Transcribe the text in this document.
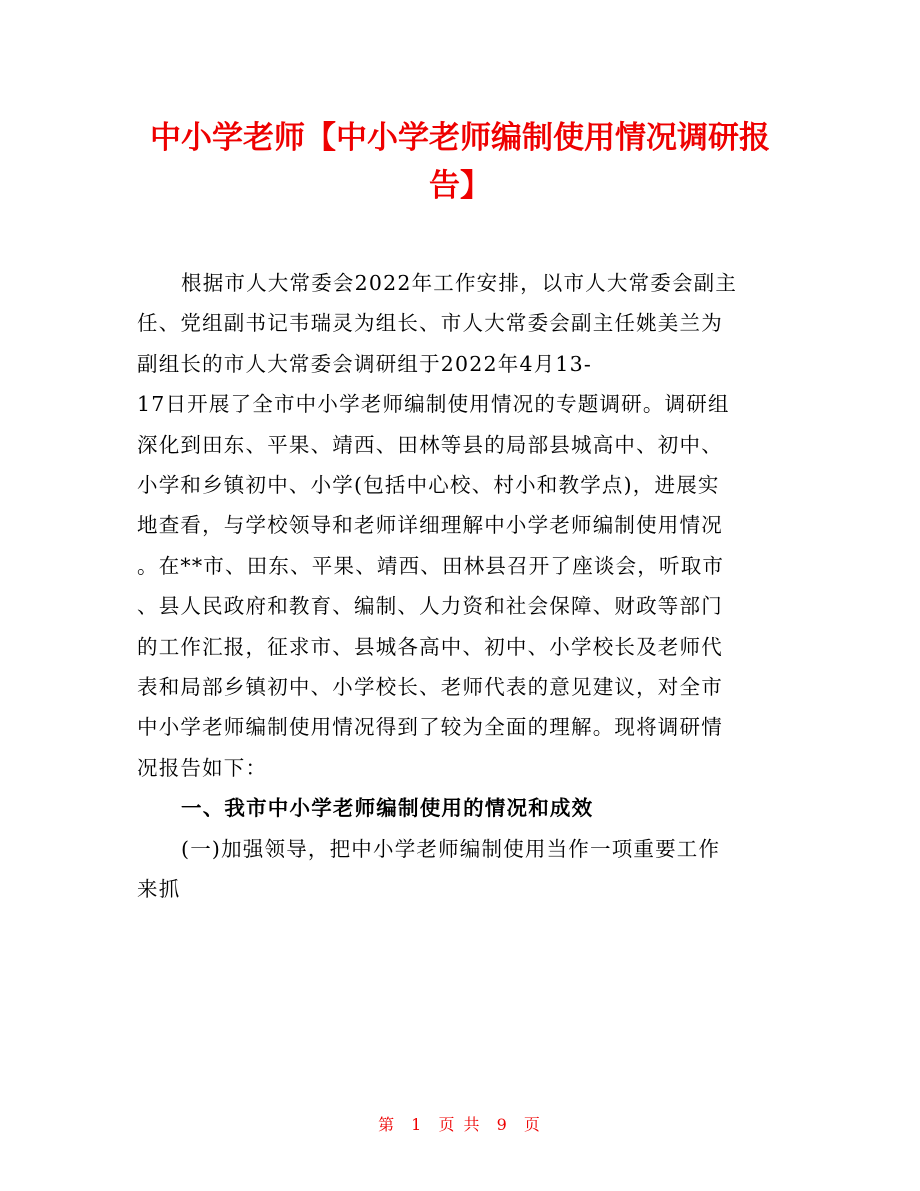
中小学老师【中小学老师编制使用情况调研报
告】
根据市人大常委会2022年工作安排，以市人大常委会副主
任、党组副书记韦瑞灵为组长、市人大常委会副主任姚美兰为
副组长的市人大常委会调研组于2022年4月13-
17日开展了全市中小学老师编制使用情况的专题调研。调研组
深化到田东、平果、靖西、田林等县的局部县城高中、初中、
小学和乡镇初中、小学(包括中心校、村小和教学点)，进展实
地查看，与学校领导和老师详细理解中小学老师编制使用情况
。在**市、田东、平果、靖西、田林县召开了座谈会，听取市
、县人民政府和教育、编制、人力资和社会保障、财政等部门
的工作汇报，征求市、县城各高中、初中、小学校长及老师代
表和局部乡镇初中、小学校长、老师代表的意见建议，对全市
中小学老师编制使用情况得到了较为全面的理解。现将调研情
况报告如下：
一、我市中小学老师编制使用的情况和成效
(一)加强领导，把中小学老师编制使用当作一项重要工作
来抓
第 1 页 共 9 页
